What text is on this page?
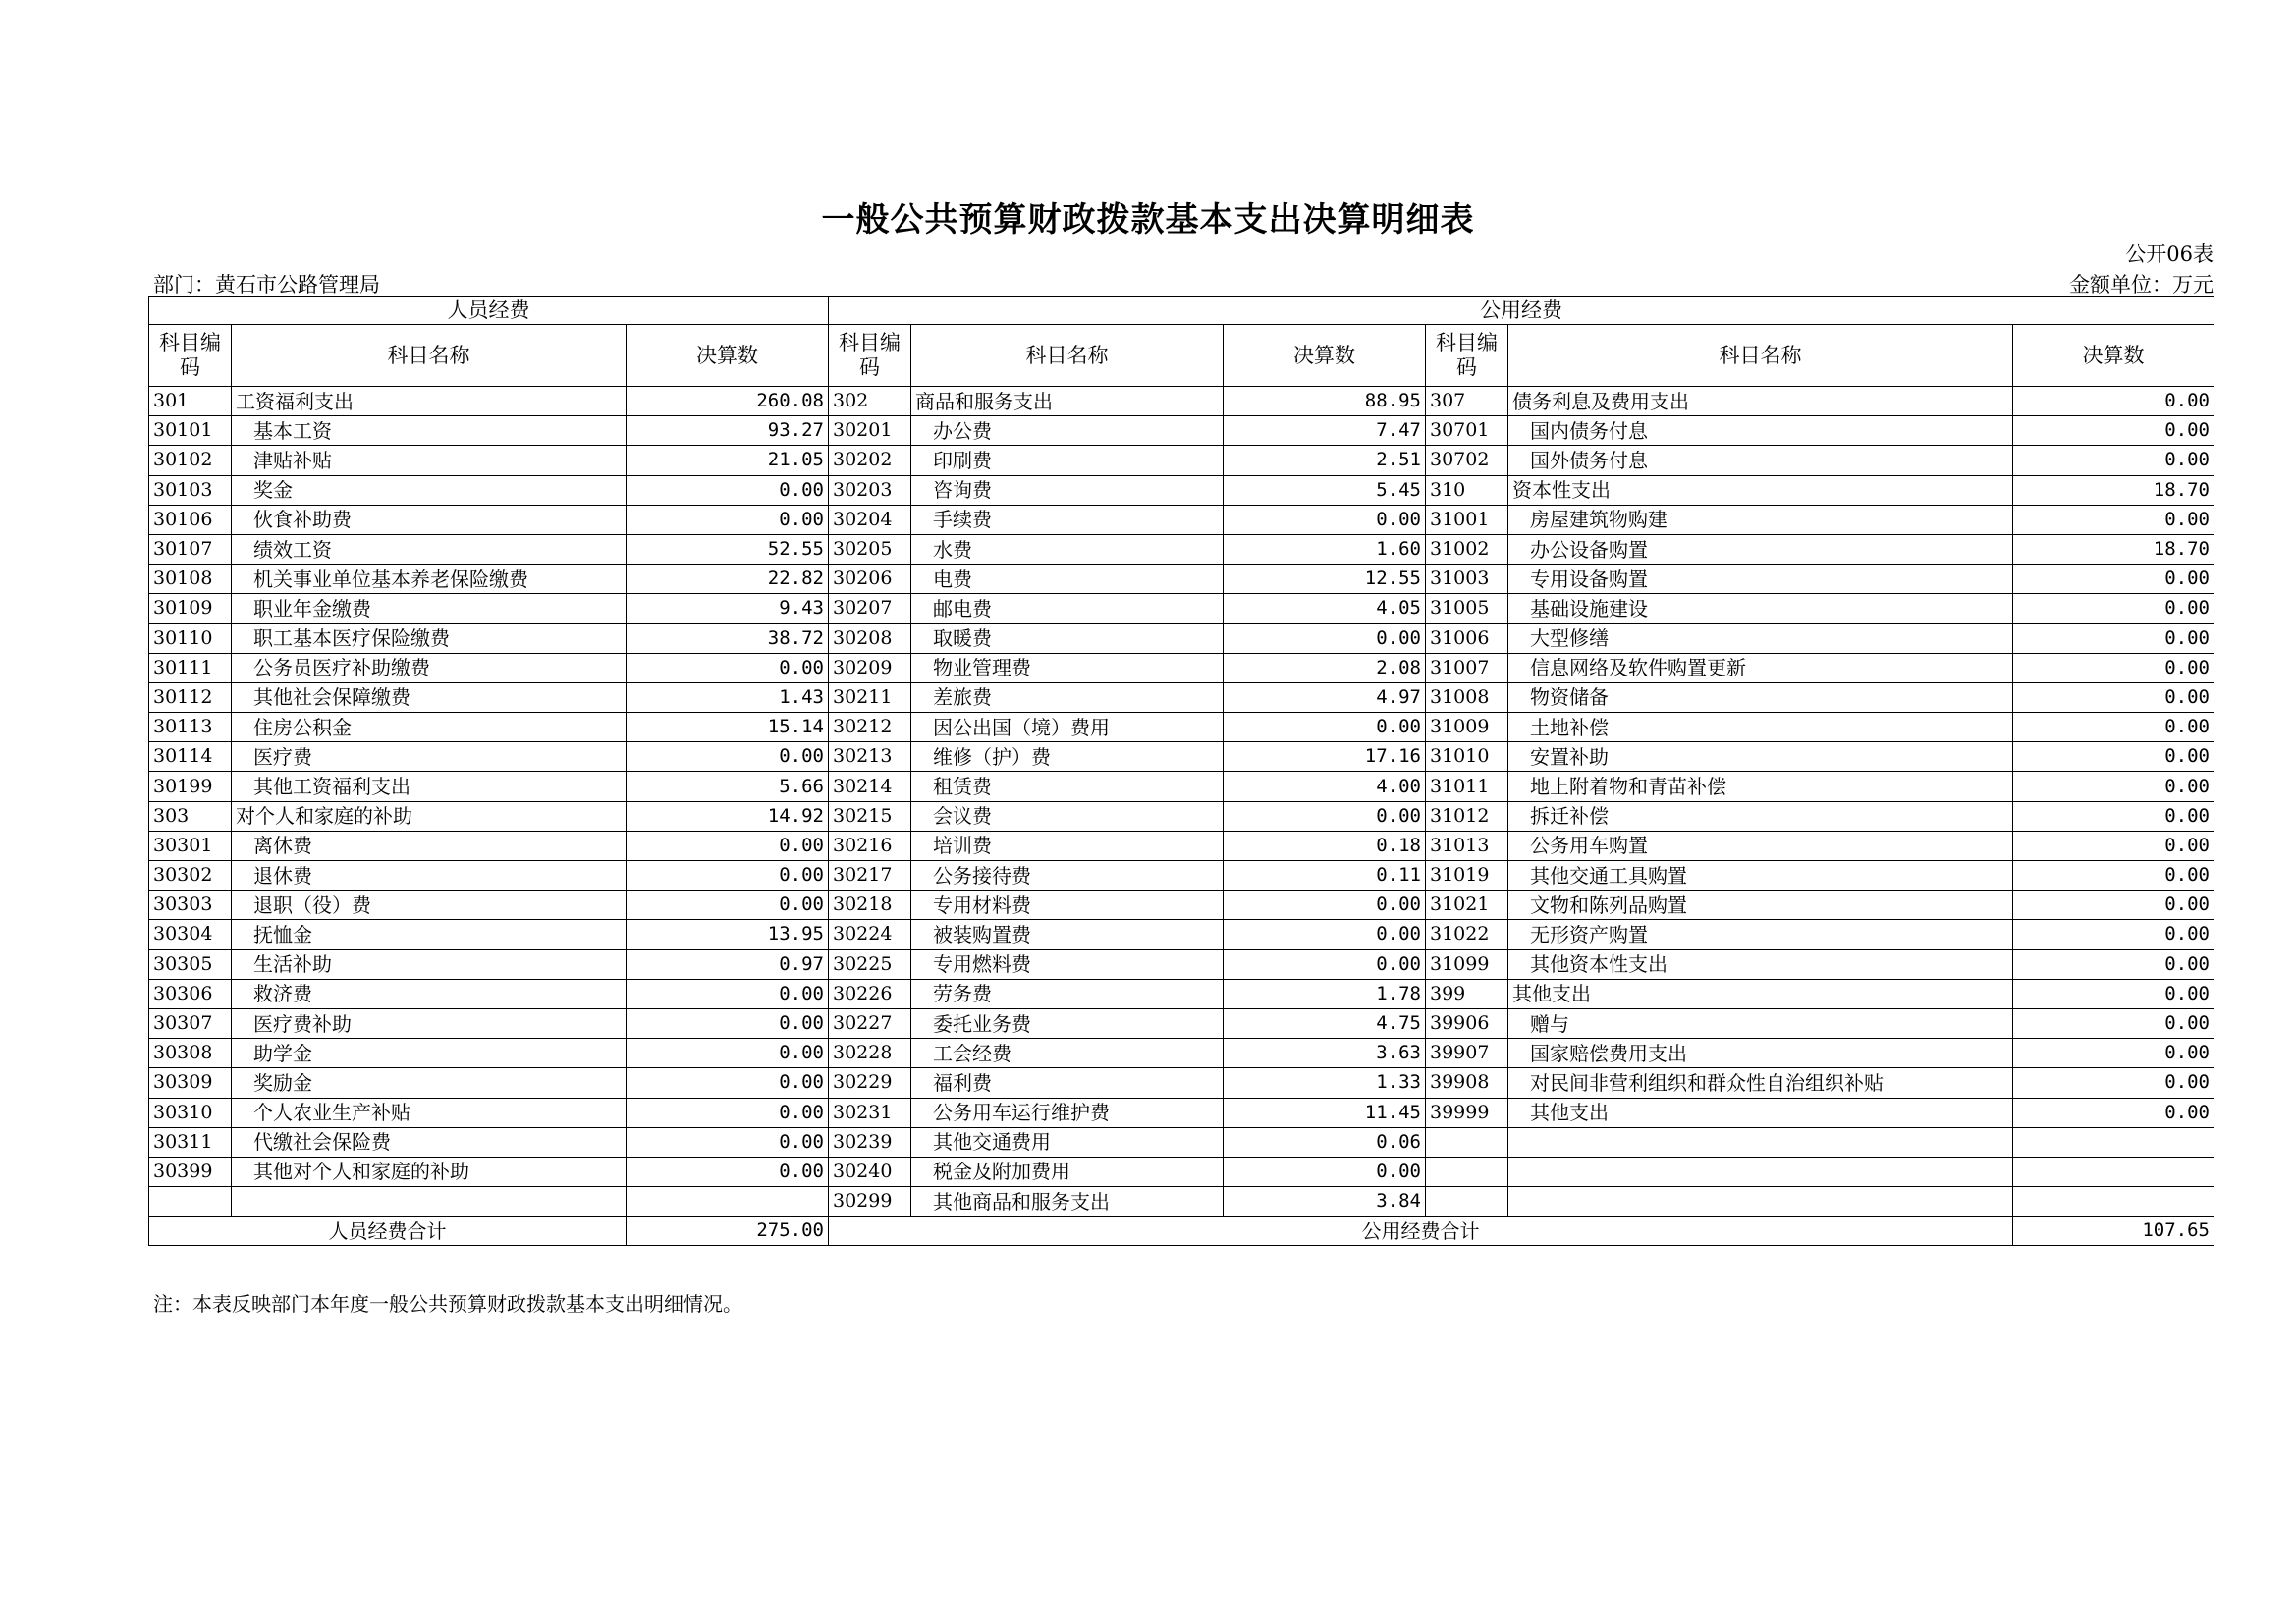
一般公共预算财政拨款基本支出决算明细表
公开06表
部门：黄石市公路管理局	金额单位：万元
人员经费			公用经费					
科目编码	科目名称	决算数	科目编码	科目名称	决算数	科目编码	科目名称	决算数
301	工资福利支出	260.08	302	商品和服务支出	88.95	307	债务利息及费用支出	0.00
30101	基本工资	93.27	30201	办公费	7.47	30701	国内债务付息	0.00
30102	津贴补贴	21.05	30202	印刷费	2.51	30702	国外债务付息	0.00
30103	奖金	0.00	30203	咨询费	5.45	310	资本性支出	18.70
30106	伙食补助费	0.00	30204	手续费	0.00	31001	房屋建筑物购建	0.00
30107	绩效工资	52.55	30205	水费	1.60	31002	办公设备购置	18.70
30108	机关事业单位基本养老保险缴费	22.82	30206	电费	12.55	31003	专用设备购置	0.00
30109	职业年金缴费	9.43	30207	邮电费	4.05	31005	基础设施建设	0.00
30110	职工基本医疗保险缴费	38.72	30208	取暖费	0.00	31006	大型修缮	0.00
30111	公务员医疗补助缴费	0.00	30209	物业管理费	2.08	31007	信息网络及软件购置更新	0.00
30112	其他社会保障缴费	1.43	30211	差旅费	4.97	31008	物资储备	0.00
30113	住房公积金	15.14	30212	因公出国（境）费用	0.00	31009	土地补偿	0.00
30114	医疗费	0.00	30213	维修（护）费	17.16	31010	安置补助	0.00
30199	其他工资福利支出	5.66	30214	租赁费	4.00	31011	地上附着物和青苗补偿	0.00
303	对个人和家庭的补助	14.92	30215	会议费	0.00	31012	拆迁补偿	0.00
30301	离休费	0.00	30216	培训费	0.18	31013	公务用车购置	0.00
30302	退休费	0.00	30217	公务接待费	0.11	31019	其他交通工具购置	0.00
30303	退职（役）费	0.00	30218	专用材料费	0.00	31021	文物和陈列品购置	0.00
30304	抚恤金	13.95	30224	被装购置费	0.00	31022	无形资产购置	0.00
30305	生活补助	0.97	30225	专用燃料费	0.00	31099	其他资本性支出	0.00
30306	救济费	0.00	30226	劳务费	1.78	399	其他支出	0.00
30307	医疗费补助	0.00	30227	委托业务费	4.75	39906	赠与	0.00
30308	助学金	0.00	30228	工会经费	3.63	39907	国家赔偿费用支出	0.00
30309	奖励金	0.00	30229	福利费	1.33	39908	对民间非营利组织和群众性自治组织补贴	0.00
30310	个人农业生产补贴	0.00	30231	公务用车运行维护费	11.45	39999	其他支出	0.00
30311	代缴社会保险费	0.00	30239	其他交通费用	0.06			
30399	其他对个人和家庭的补助	0.00	30240	税金及附加费用	0.00			
			30299	其他商品和服务支出	3.84			
人员经费合计		275.00	公用经费合计					107.65
注：本表反映部门本年度一般公共预算财政拨款基本支出明细情况。
